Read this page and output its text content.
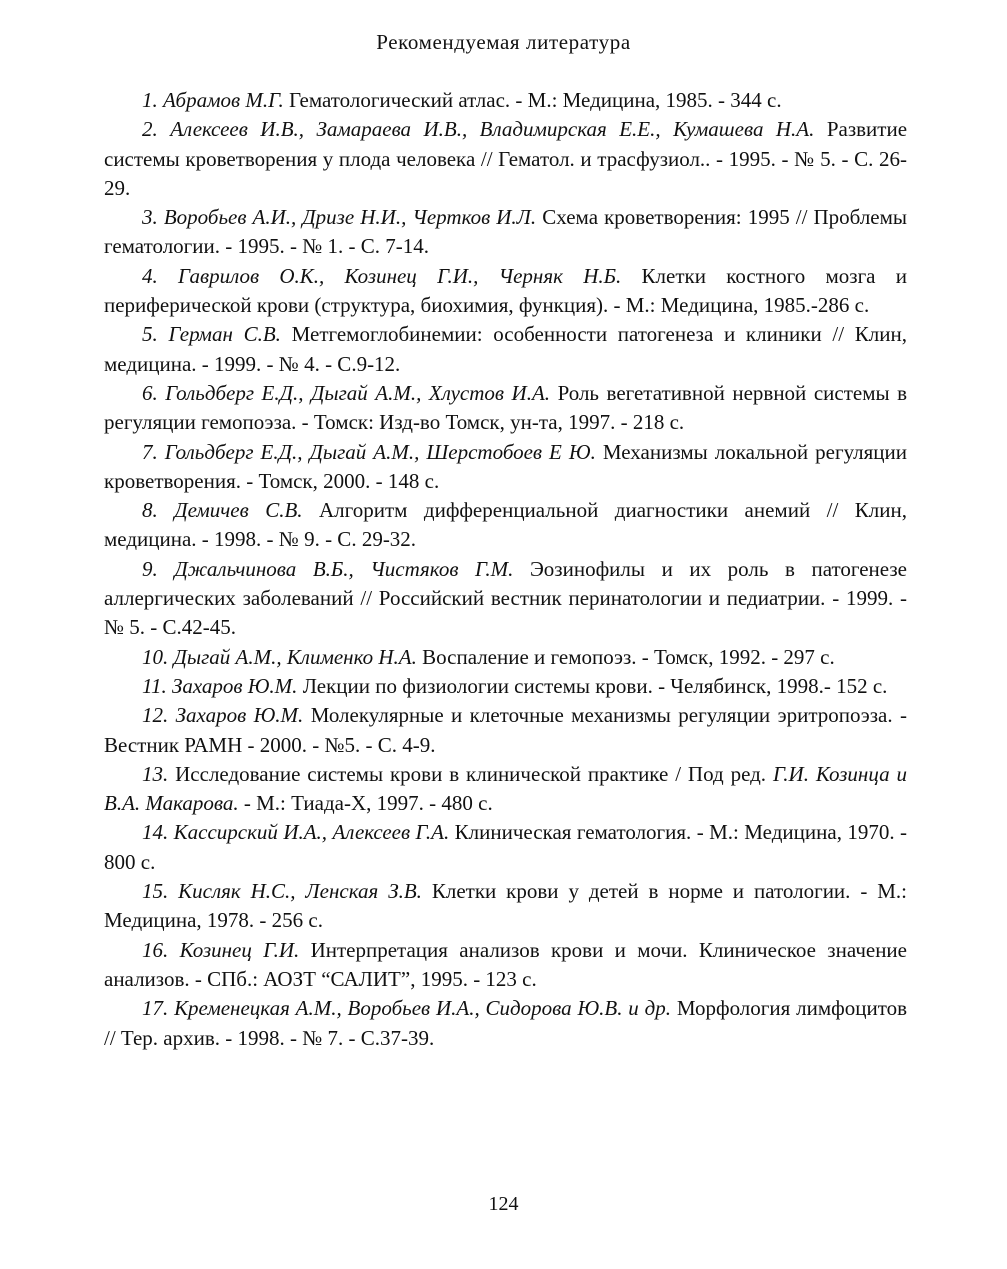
Рекомендуемая литература
1. Абрамов М.Г. Гематологический атлас. - М.: Медицина, 1985. - 344 с.
2. Алексеев И.В., Замараева И.В., Владимирская Е.Е., Кумашева Н.А. Развитие системы кроветворения у плода человека // Гематол. и трасфузиол.. - 1995. - № 5. - С. 26-29.
3. Воробьев А.И., Дризе Н.И., Чертков И.Л. Схема кроветворения: 1995 // Проблемы гематологии. - 1995. - № 1. - С. 7-14.
4. Гаврилов О.К., Козинец Г.И., Черняк Н.Б. Клетки костного мозга и периферической крови (структура, биохимия, функция). - М.: Медицина, 1985.-286 с.
5. Герман С.В. Метгемоглобинемии: особенности патогенеза и клиники // Клин, медицина. - 1999. - № 4. - С.9-12.
6. Гольдберг Е.Д., Дыгай А.М., Хлустов И.А. Роль вегетативной нервной системы в регуляции гемопоэза. - Томск: Изд-во Томск, ун-та, 1997. - 218 с.
7. Гольдберг Е.Д., Дыгай А.М., Шерстобоев Е Ю. Механизмы локальной регуляции кроветворения. - Томск, 2000. - 148 с.
8. Демичев С.В. Алгоритм дифференциальной диагностики анемий // Клин, медицина. - 1998. - № 9. - С. 29-32.
9. Джальчинова В.Б., Чистяков Г.М. Эозинофилы и их роль в патогенезе аллергических заболеваний // Российский вестник перинатологии и педиатрии. - 1999. - № 5. - С.42-45.
10. Дыгай А.М., Клименко Н.А. Воспаление и гемопоэз. - Томск, 1992. - 297 с.
11. Захаров Ю.М. Лекции по физиологии системы крови. - Челябинск, 1998.- 152 с.
12. Захаров Ю.М. Молекулярные и клеточные механизмы регуляции эритропоэза. - Вестник РАМН - 2000. - №5. - С. 4-9.
13. Исследование системы крови в клинической практике / Под ред. Г.И. Козинца и В.А. Макарова. - М.: Тиада-Х, 1997. - 480 с.
14. Кассирский И.А., Алексеев Г.А. Клиническая гематология. - М.: Медицина, 1970. - 800 с.
15. Кисляк Н.С., Ленская З.В. Клетки крови у детей в норме и патологии. - М.: Медицина, 1978. - 256 с.
16. Козинец Г.И. Интерпретация анализов крови и мочи. Клиническое значение анализов. - СПб.: АОЗТ “САЛИТ”, 1995. - 123 с.
17. Кременецкая А.М., Воробьев И.А., Сидорова Ю.В. и др. Морфология лимфоцитов // Тер. архив. - 1998. - № 7. - С.37-39.
124
